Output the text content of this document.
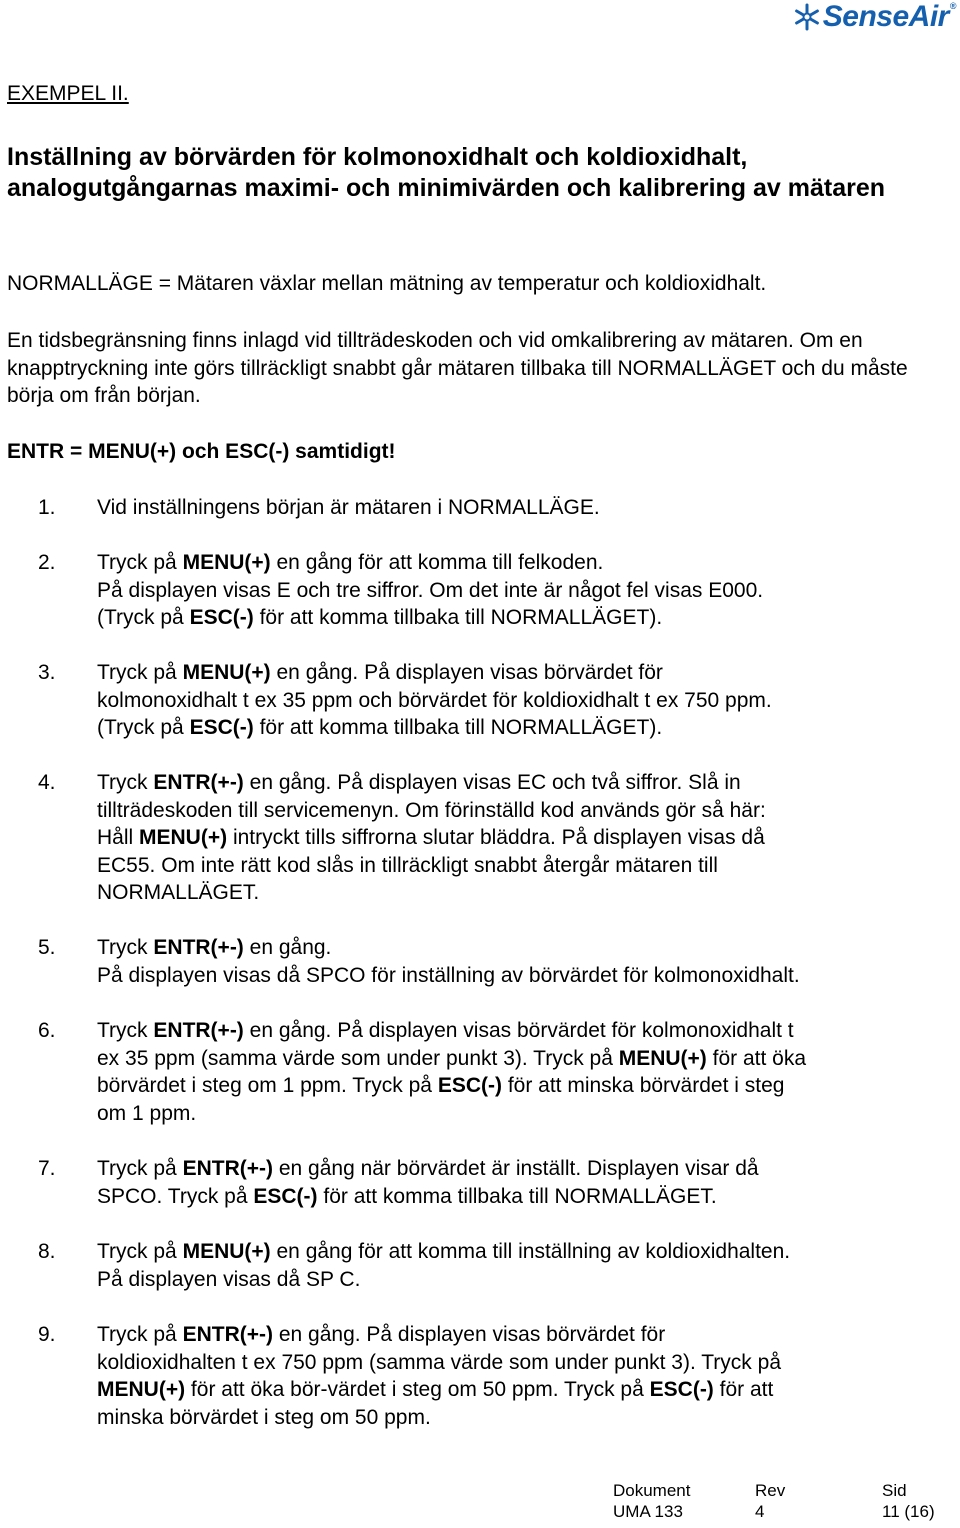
SenseAir®
EXEMPEL II.
Inställning av börvärden för kolmonoxidhalt och koldioxidhalt, analogutgångarnas maximi- och minimivärden och kalibrering av mätaren
NORMALLÄGE = Mätaren växlar mellan mätning av temperatur och koldioxidhalt.
En tidsbegränsning finns inlagd vid tillträdeskoden och vid omkalibrering av mätaren. Om en knapptryckning inte görs tillräckligt snabbt går mätaren tillbaka till NORMALLÄGET och du måste börja om från början.
ENTR = MENU(+) och ESC(-) samtidigt!
1. Vid inställningens början är mätaren i NORMALLÄGE.
2. Tryck på MENU(+) en gång för att komma till felkoden.
På displayen visas E och tre siffror. Om det inte är något fel visas E000.
(Tryck på ESC(-) för att komma tillbaka till NORMALLÄGET).
3. Tryck på MENU(+) en gång. På displayen visas börvärdet för
kolmonoxidhalt t ex 35 ppm och börvärdet för koldioxidhalt t ex 750 ppm.
(Tryck på ESC(-) för att komma tillbaka till NORMALLÄGET).
4. Tryck ENTR(+-) en gång. På displayen visas EC och två siffror. Slå in
tillträdeskoden till servicemenyn. Om förinställd kod används gör så här:
Håll MENU(+) intryckt tills siffrorna slutar bläddra. På displayen visas då
EC55. Om inte rätt kod slås in tillräckligt snabbt återgår mätaren till
NORMALLÄGET.
5. Tryck ENTR(+-) en gång.
På displayen visas då SPCO för inställning av börvärdet för kolmonoxidhalt.
6. Tryck ENTR(+-) en gång. På displayen visas börvärdet för kolmonoxidhalt t
ex 35 ppm (samma värde som under punkt 3). Tryck på MENU(+) för att öka
börvärdet i steg om 1 ppm. Tryck på ESC(-) för att minska börvärdet i steg
om 1 ppm.
7. Tryck på ENTR(+-) en gång när börvärdet är inställt. Displayen visar då
SPCO. Tryck på ESC(-) för att komma tillbaka till NORMALLÄGET.
8. Tryck på MENU(+) en gång för att komma till inställning av koldioxidhalten.
På displayen visas då SP C.
9. Tryck på ENTR(+-) en gång. På displayen visas börvärdet för
koldioxidhalten t ex 750 ppm (samma värde som under punkt 3). Tryck på
MENU(+) för att öka bör-värdet i steg om 50 ppm. Tryck på ESC(-) för att
minska börvärdet i steg om 50 ppm.
Dokument
UMA 133
Rev
4
Sid
11 (16)
